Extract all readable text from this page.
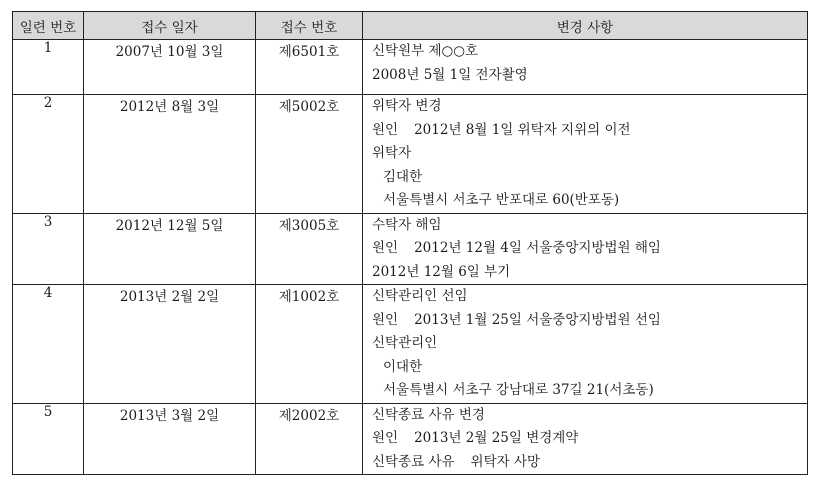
일련 번호	접수 일자	접수 번호	변경 사항
1	2007년 10월 3일	제6501호	신탁원부 제○○호
2008년 5월 1일 전자촬영

2	2012년 8월 3일	제5002호	위탁자 변경
원인 2012년 8월 1일 위탁자 지위의 이전
위탁자
김대한
서울특별시 서초구 반포대로 60(반포동)

3	2012년 12월 5일	제3005호	수탁자 해임
원인 2012년 12월 4일 서울중앙지방법원 해임
2012년 12월 6일 부기

4	2013년 2월 2일	제1002호	신탁관리인 선임
원인 2013년 1월 25일 서울중앙지방법원 선임
신탁관리인
이대한
서울특별시 서초구 강남대로 37길 21(서초동)

5	2013년 3월 2일	제2002호	신탁종료 사유 변경
원인 2013년 2월 25일 변경계약
신탁종료 사유 위탁자 사망
